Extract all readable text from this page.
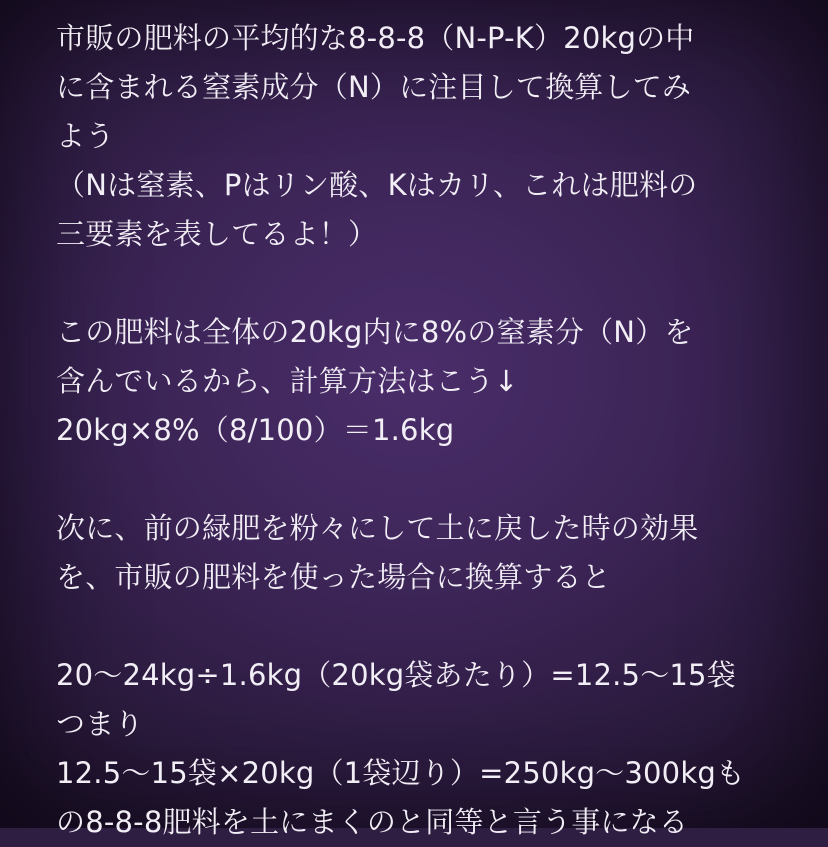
市販の肥料の平均的な8-8-8（N-P-K）20kgの中
に含まれる窒素成分（N）に注目して換算してみ
よう
（Nは窒素、Pはリン酸、Kはカリ、これは肥料の
三要素を表してるよ！）
この肥料は全体の20kg内に8%の窒素分（N）を
含んでいるから、計算方法はこう↓
20kg×8%（8/100）＝1.6kg
次に、前の緑肥を粉々にして土に戻した時の効果
を、市販の肥料を使った場合に換算すると
20〜24kg÷1.6kg（20kg袋あたり）=12.5〜15袋
つまり
12.5〜15袋×20kg（1袋辺り）=250kg〜300kgも
の8-8-8肥料を土にまくのと同等と言う事になる
